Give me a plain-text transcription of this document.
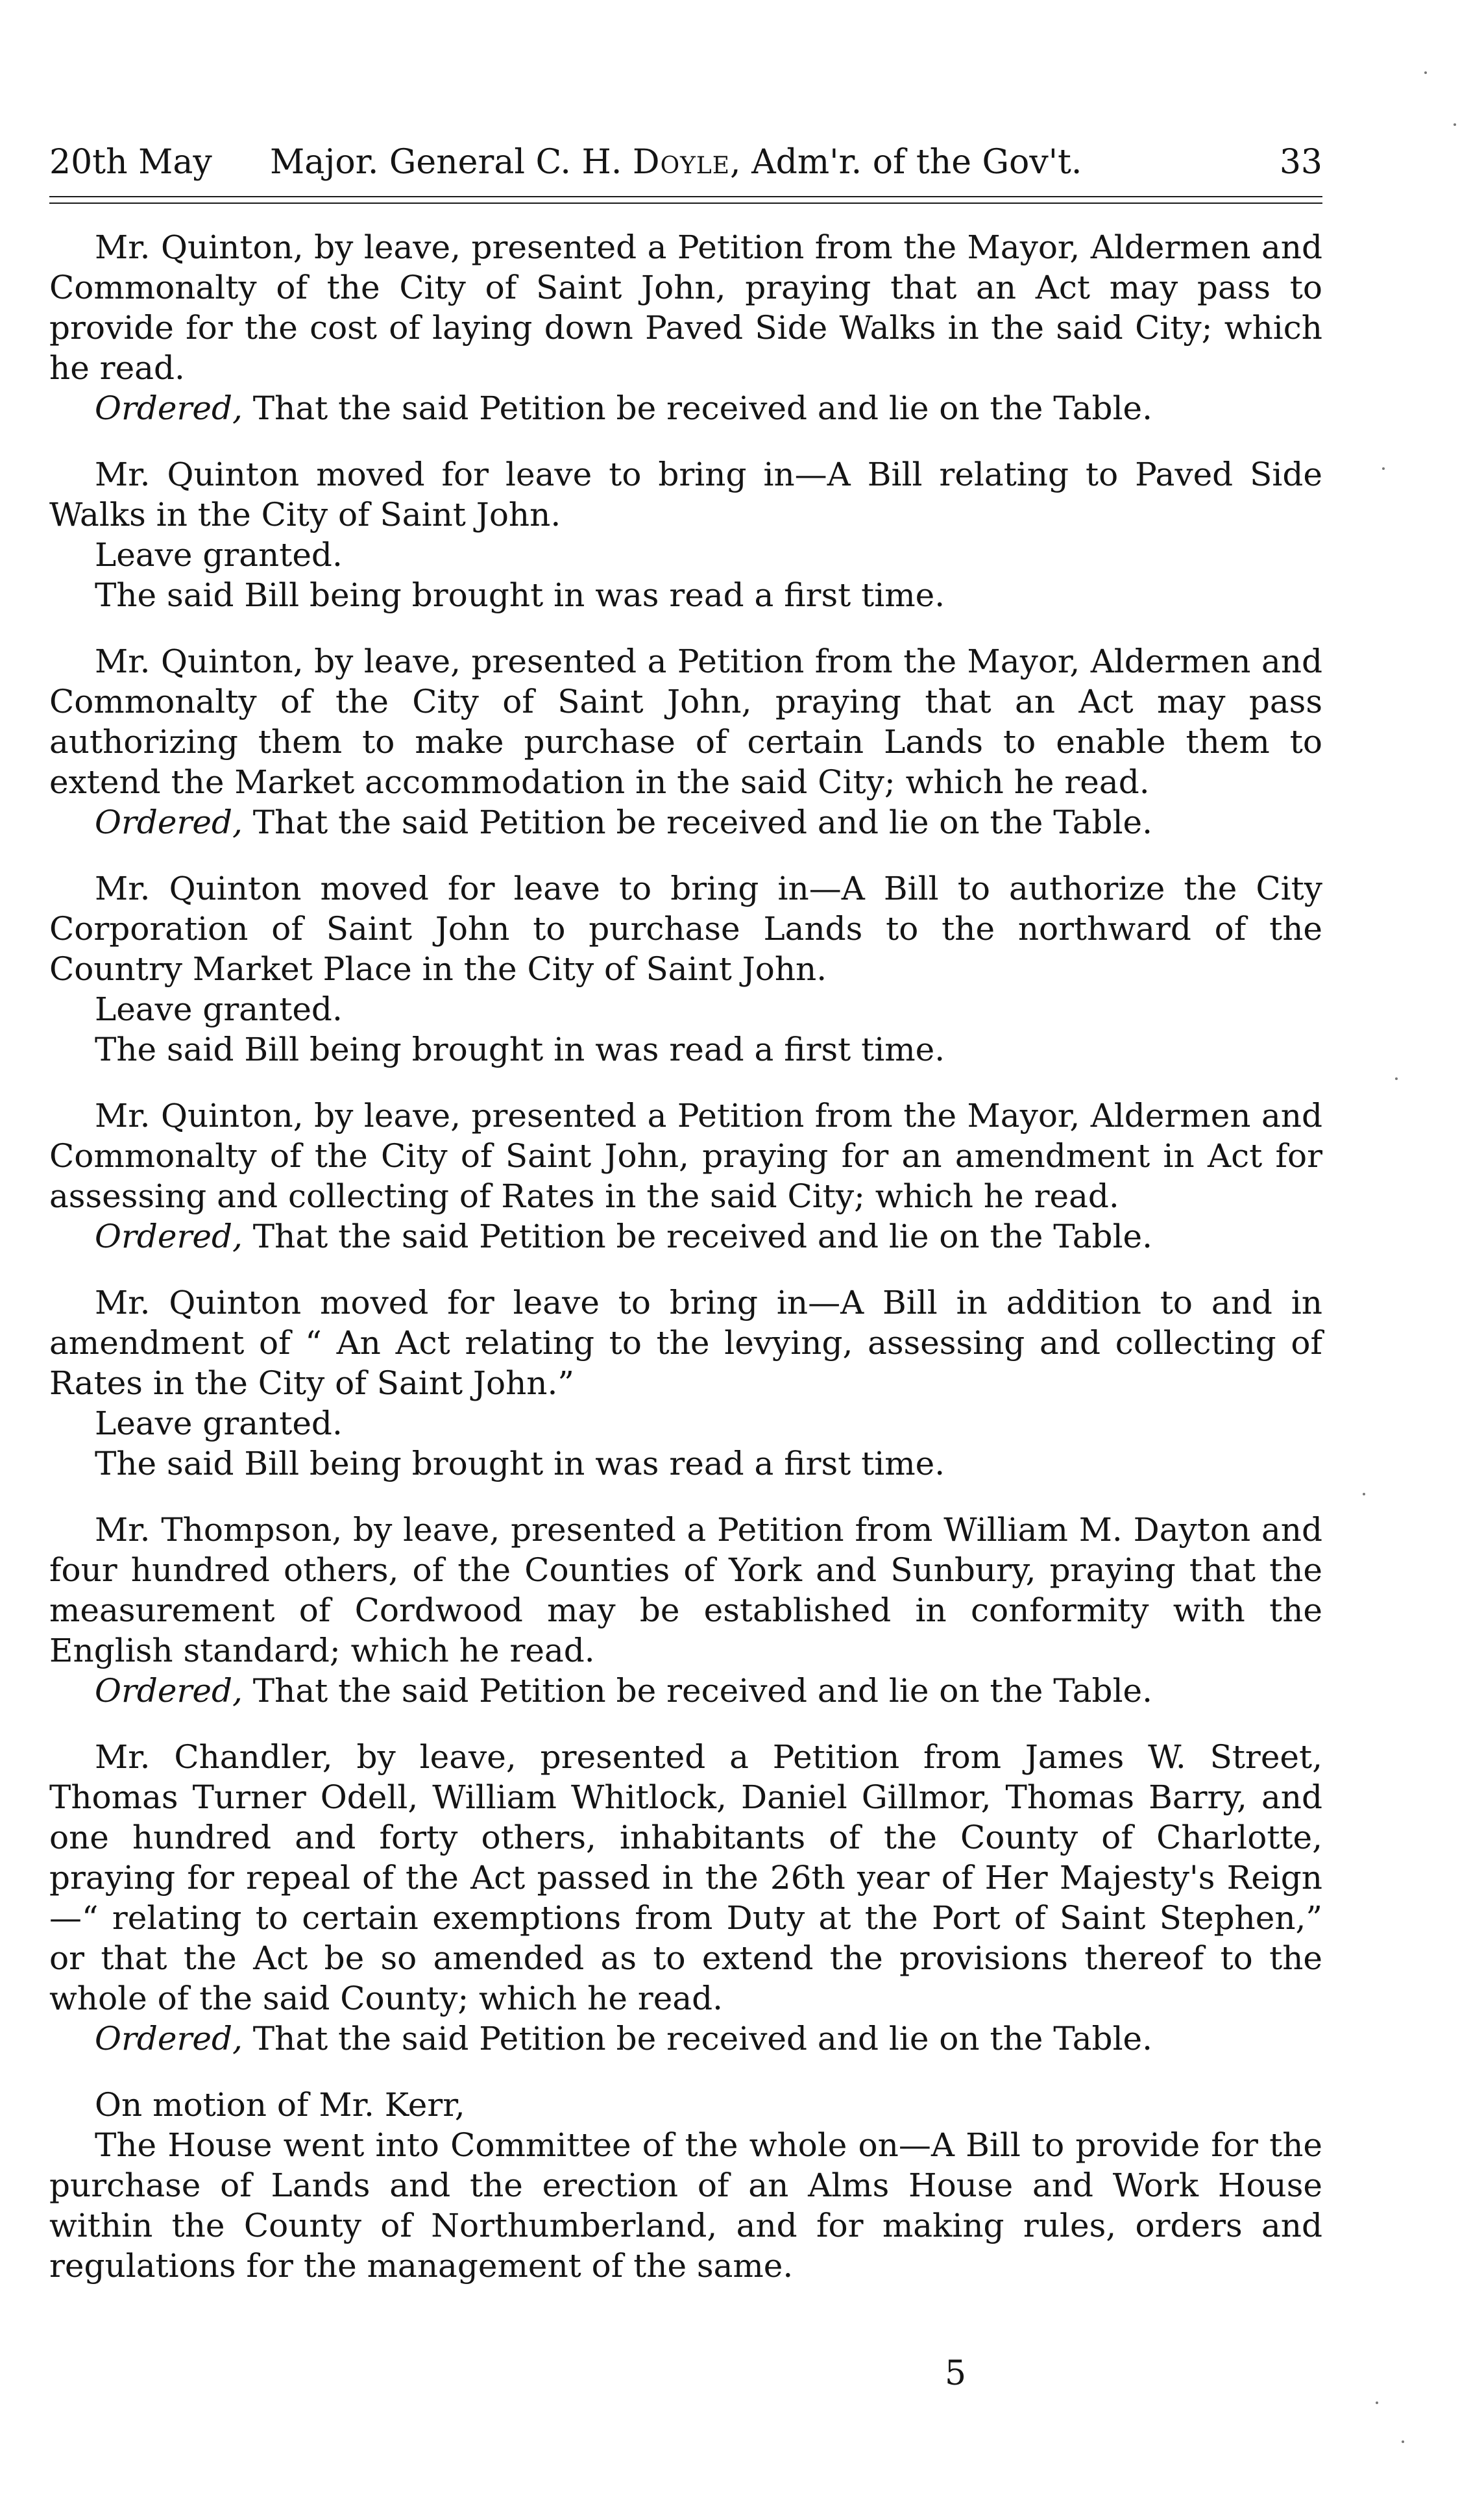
20th May Major. General C. H. Doyle, Adm'r. of the Gov't.	33

Mr. Quinton, by leave, presented a Petition from the Mayor, Aldermen and Commonalty of the City of Saint John, praying that an Act may pass to provide for the cost of laying down Paved Side Walks in the said City; which he read.

Ordered, That the said Petition be received and lie on the Table.

Mr. Quinton moved for leave to bring in—A Bill relating to Paved Side Walks in the City of Saint John.

Leave granted.

The said Bill being brought in was read a first time.

Mr. Quinton, by leave, presented a Petition from the Mayor, Aldermen and Commonalty of the City of Saint John, praying that an Act may pass authorizing them to make purchase of certain Lands to enable them to extend the Market accommodation in the said City; which he read.

Ordered, That the said Petition be received and lie on the Table.

Mr. Quinton moved for leave to bring in—A Bill to authorize the City Corporation of Saint John to purchase Lands to the northward of the Country Market Place in the City of Saint John.

Leave granted.

The said Bill being brought in was read a first time.

Mr. Quinton, by leave, presented a Petition from the Mayor, Aldermen and Commonalty of the City of Saint John, praying for an amendment in Act for assessing and collecting of Rates in the said City; which he read.

Ordered, That the said Petition be received and lie on the Table.

Mr. Quinton moved for leave to bring in—A Bill in addition to and in amendment of “ An Act relating to the levying, assessing and collecting of Rates in the City of Saint John.”

Leave granted.

The said Bill being brought in was read a first time.

Mr. Thompson, by leave, presented a Petition from William M. Dayton and four hundred others, of the Counties of York and Sunbury, praying that the measurement of Cordwood may be established in conformity with the English standard; which he read.

Ordered, That the said Petition be received and lie on the Table.

Mr. Chandler, by leave, presented a Petition from James W. Street, Thomas Turner Odell, William Whitlock, Daniel Gillmor, Thomas Barry, and one hundred and forty others, inhabitants of the County of Charlotte, praying for repeal of the Act passed in the 26th year of Her Majesty's Reign—“ relating to certain exemptions from Duty at the Port of Saint Stephen,” or that the Act be so amended as to extend the provisions thereof to the whole of the said County; which he read.

Ordered, That the said Petition be received and lie on the Table.

On motion of Mr. Kerr,

The House went into Committee of the whole on—A Bill to provide for the purchase of Lands and the erection of an Alms House and Work House within the County of Northumberland, and for making rules, orders and regulations for the management of the same.

5
